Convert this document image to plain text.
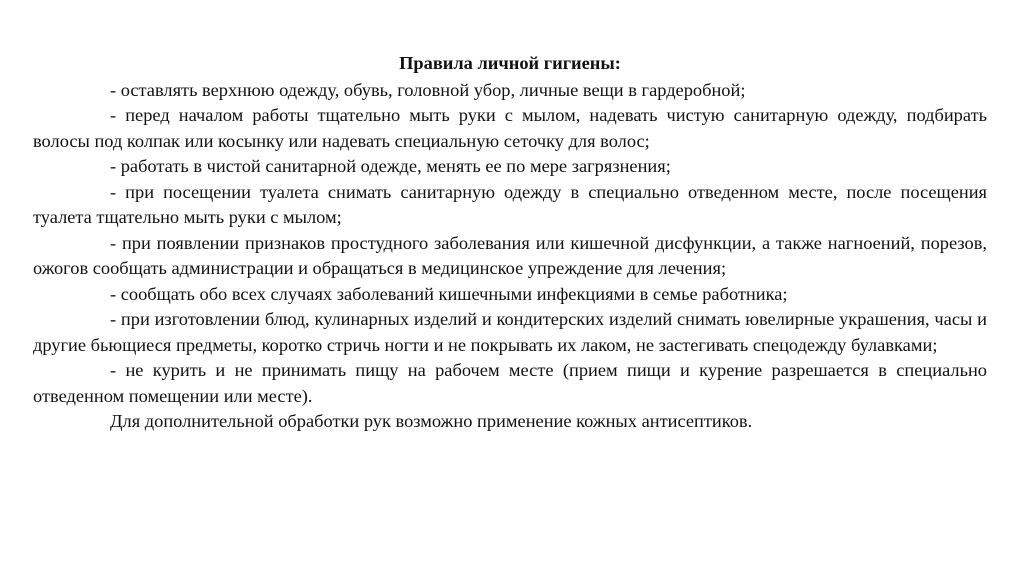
Правила личной гигиены:

- оставлять верхнюю одежду, обувь, головной убор, личные вещи в гардеробной;

- перед началом работы тщательно мыть руки с мылом, надевать чистую санитарную одежду, подбирать волосы под колпак или косынку или надевать специальную сеточку для волос;

- работать в чистой санитарной одежде, менять ее по мере загрязнения;

- при посещении туалета снимать санитарную одежду в специально отведенном месте, после посещения туалета тщательно мыть руки с мылом;

- при появлении признаков простудного заболевания или кишечной дисфункции, а также нагноений, порезов, ожогов сообщать администрации и обращаться в медицинское упреждение для лечения;

- сообщать обо всех случаях заболеваний кишечными инфекциями в семье работника;

- при изготовлении блюд, кулинарных изделий и кондитерских изделий снимать ювелирные украшения, часы и другие бьющиеся предметы, коротко стричь ногти и не покрывать их лаком, не застегивать спецодежду булавками;

- не курить и не принимать пищу на рабочем месте (прием пищи и курение разрешается в специально отведенном помещении или месте).

Для дополнительной обработки рук возможно применение кожных антисептиков.
